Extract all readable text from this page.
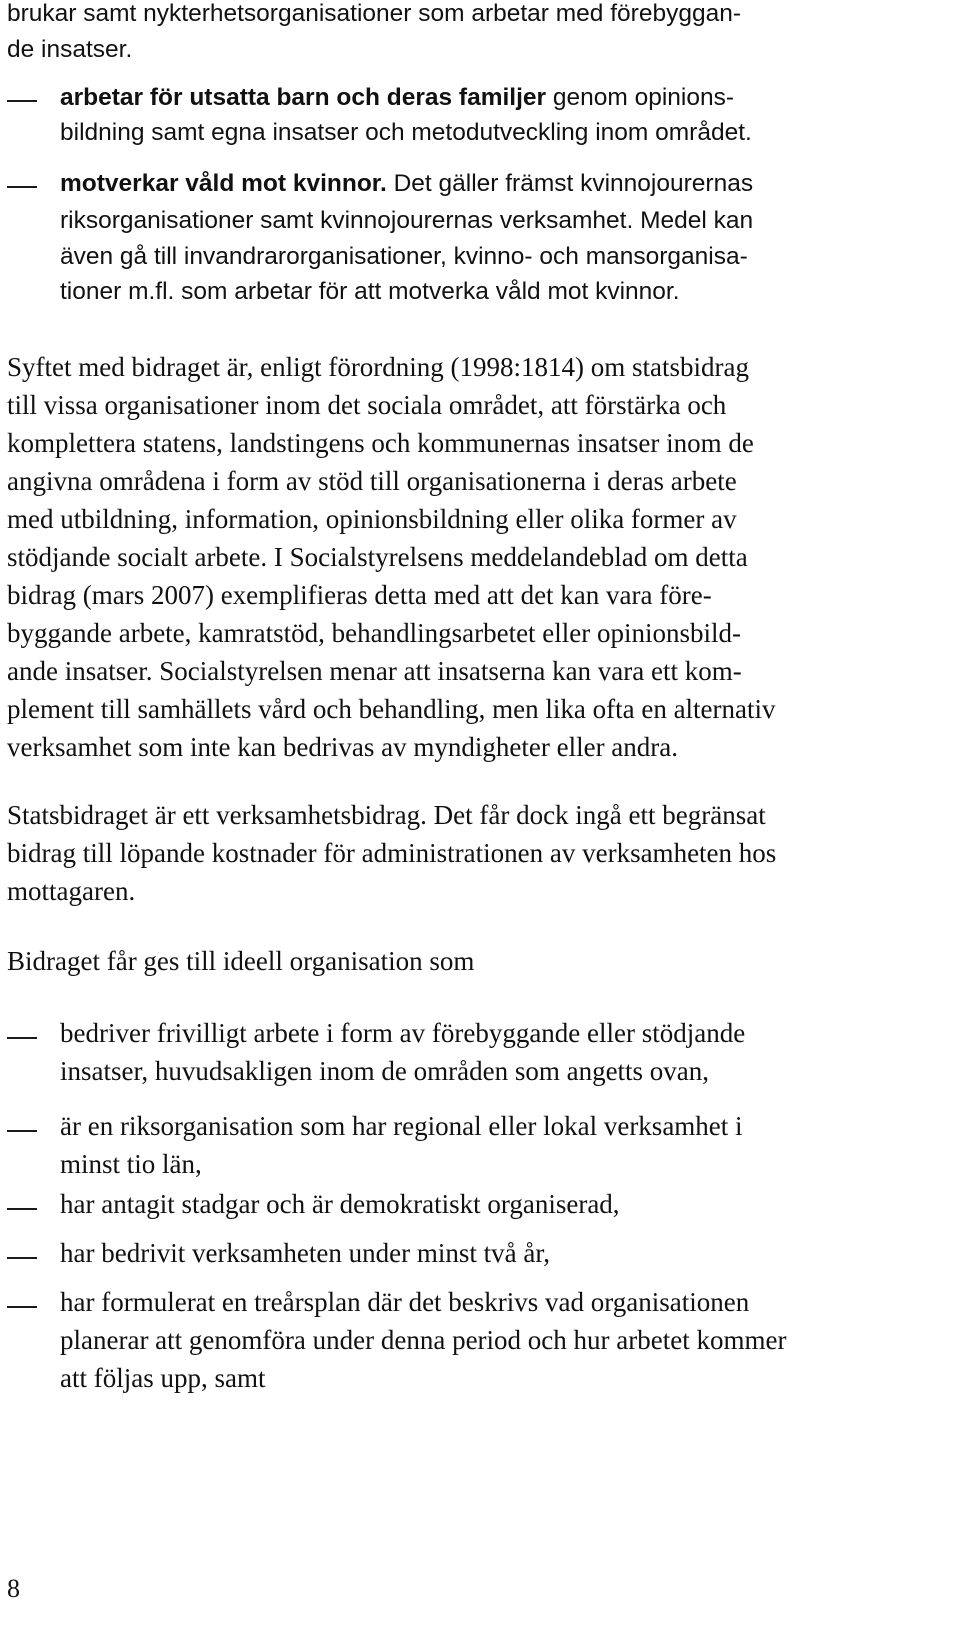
brukar samt nykterhetsorganisationer som arbetar med förebyggan-
de insatser.
arbetar för utsatta barn och deras familjer genom opinions-
bildning samt egna insatser och metodutveckling inom området.
motverkar våld mot kvinnor. Det gäller främst kvinnojourernas
riksorganisationer samt kvinnojourernas verksamhet. Medel kan
även gå till invandrarorganisationer, kvinno- och mansorganisa-
tioner m.fl. som arbetar för att motverka våld mot kvinnor.
Syftet med bidraget är, enligt förordning (1998:1814) om statsbidrag
till vissa organisationer inom det sociala området, att förstärka och
komplettera statens, landstingens och kommunernas insatser inom de
angivna områdena i form av stöd till organisationerna i deras arbete
med utbildning, information, opinionsbildning eller olika former av
stödjande socialt arbete. I Socialstyrelsens meddelandeblad om detta
bidrag (mars 2007) exemplifieras detta med att det kan vara före-
byggande arbete, kamratstöd, behandlingsarbetet eller opinionsbild-
ande insatser. Socialstyrelsen menar att insatserna kan vara ett kom-
plement till samhällets vård och behandling, men lika ofta en alternativ
verksamhet som inte kan bedrivas av myndigheter eller andra.
Statsbidraget är ett verksamhetsbidrag. Det får dock ingå ett begränsat
bidrag till löpande kostnader för administrationen av verksamheten hos
mottagaren.
Bidraget får ges till ideell organisation som
bedriver frivilligt arbete i form av förebyggande eller stödjande
insatser, huvudsakligen inom de områden som angetts ovan,
är en riksorganisation som har regional eller lokal verksamhet i
minst tio län,
har antagit stadgar och är demokratiskt organiserad,
har bedrivit verksamheten under minst två år,
har formulerat en treårsplan där det beskrivs vad organisationen
planerar att genomföra under denna period och hur arbetet kommer
att följas upp, samt
8
